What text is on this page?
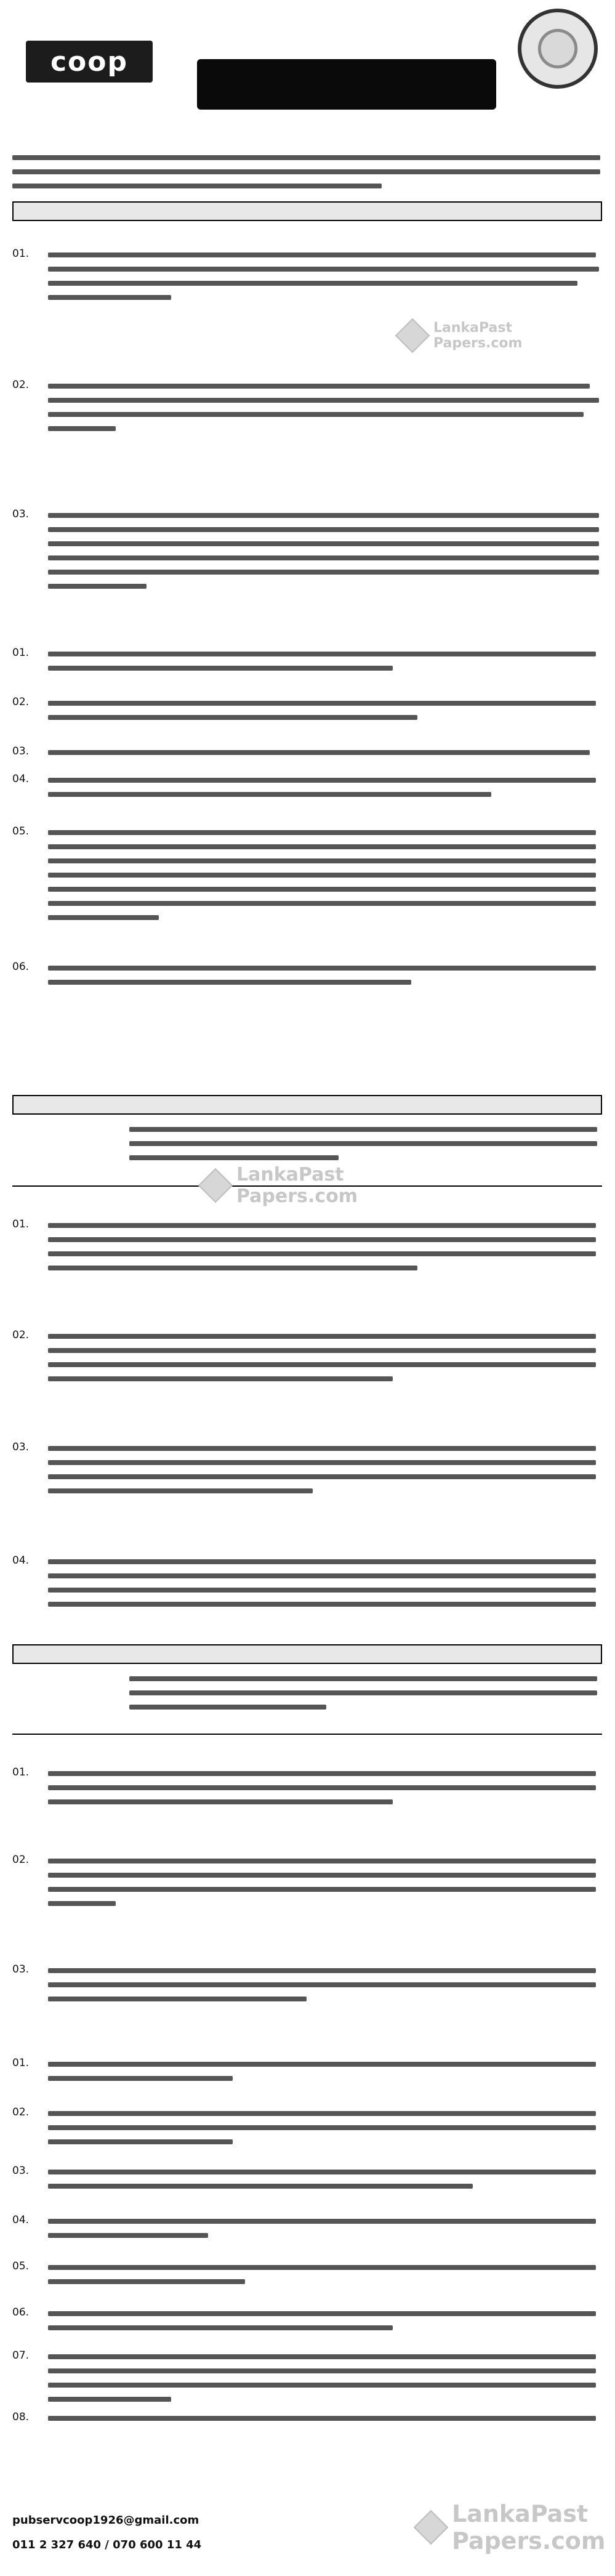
coop
01.
02.
03.
01.
02.
03.
04.
05.
06.
01.
02.
03.
04.
01.
02.
03.
01.
02.
03.
04.
05.
06.
07.
08.
pubservcoop1926@gmail.com
011 2 327 640 / 070 600 11 44
LankaPast
Papers.com
LankaPast
Papers.com
LankaPast
Papers.com
